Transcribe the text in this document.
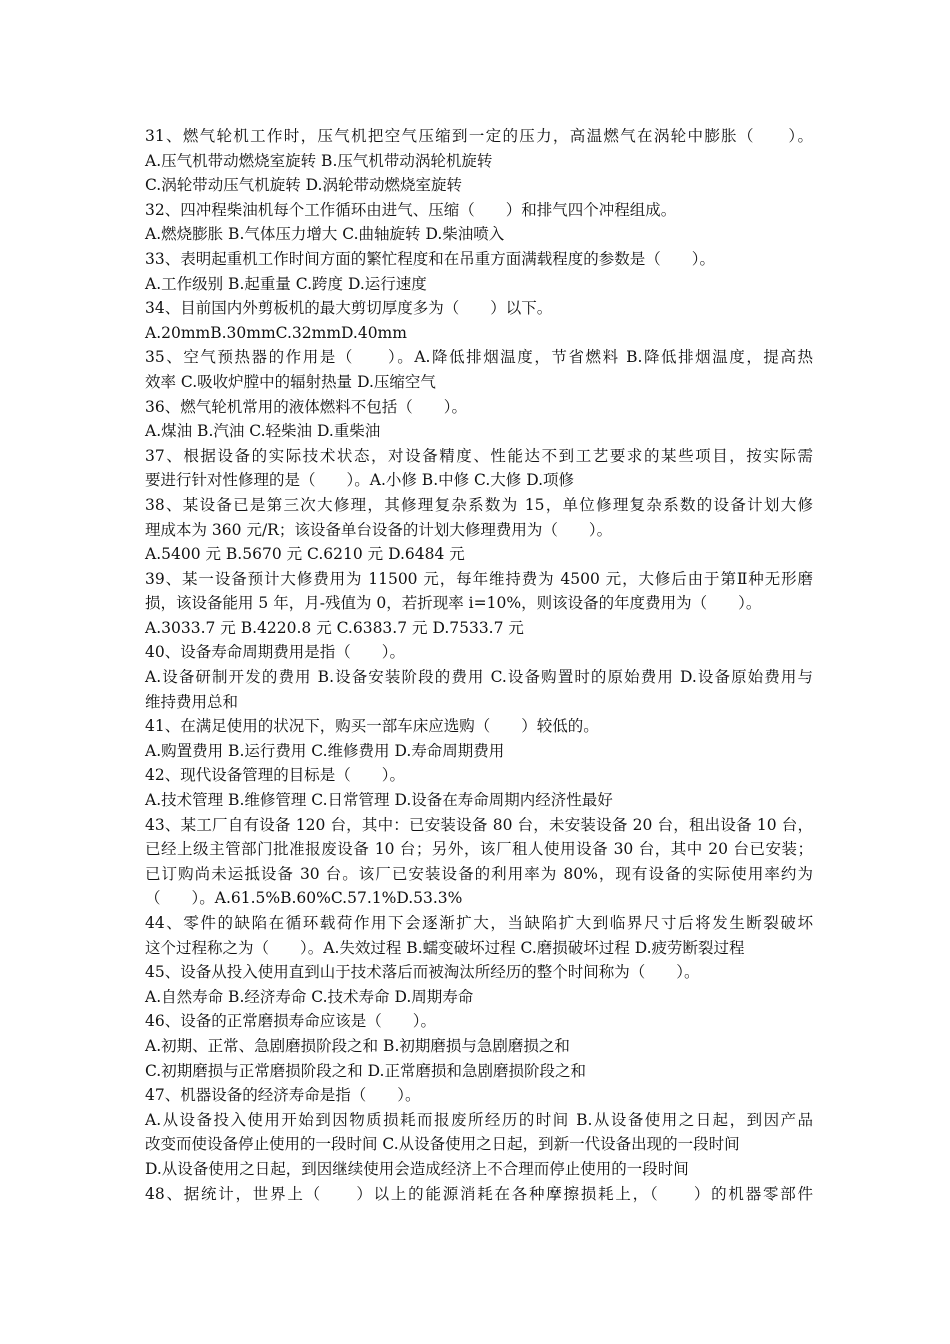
31、燃气轮机工作时，压气机把空气压缩到一定的压力，高温燃气在涡轮中膨胀（　　）。
A.压气机带动燃烧室旋转 B.压气机带动涡轮机旋转
C.涡轮带动压气机旋转 D.涡轮带动燃烧室旋转
32、四冲程柴油机每个工作循环由进气、压缩（　　）和排气四个冲程组成。
A.燃烧膨胀 B.气体压力增大 C.曲轴旋转 D.柴油喷入
33、表明起重机工作时间方面的繁忙程度和在吊重方面满载程度的参数是（　　）。
A.工作级别 B.起重量 C.跨度 D.运行速度
34、目前国内外剪板机的最大剪切厚度多为（　　）以下。
A.20mmB.30mmC.32mmD.40mm
35、空气预热器的作用是（　　）。A.降低排烟温度，节省燃料 B.降低排烟温度，提高热
效率 C.吸收炉膛中的辐射热量 D.压缩空气
36、燃气轮机常用的液体燃料不包括（　　）。
A.煤油 B.汽油 C.轻柴油 D.重柴油
37、根据设备的实际技术状态，对设备精度、性能达不到工艺要求的某些项目，按实际需
要进行针对性修理的是（　　）。A.小修 B.中修 C.大修 D.项修
38、某设备已是第三次大修理，其修理复杂系数为 15，单位修理复杂系数的设备计划大修
理成本为 360 元/R；该设备单台设备的计划大修理费用为（　　）。
A.5400 元 B.5670 元 C.6210 元 D.6484 元
39、某一设备预计大修费用为 11500 元，每年维持费为 4500 元，大修后由于第Ⅱ种无形磨
损，该设备能用 5 年，月-残值为 0，若折现率 i=10%，则该设备的年度费用为（　　）。
A.3033.7 元 B.4220.8 元 C.6383.7 元 D.7533.7 元
40、设备寿命周期费用是指（　　）。
A.设备研制开发的费用 B.设备安装阶段的费用 C.设备购置时的原始费用 D.设备原始费用与
维持费用总和
41、在满足使用的状况下，购买一部车床应选购（　　）较低的。
A.购置费用 B.运行费用 C.维修费用 D.寿命周期费用
42、现代设备管理的目标是（　　）。
A.技术管理 B.维修管理 C.日常管理 D.设备在寿命周期内经济性最好
43、某工厂自有设备 120 台，其中：已安装设备 80 台，未安装设备 20 台，租出设备 10 台，
已经上级主管部门批准报废设备 10 台；另外，该厂租人使用设备 30 台，其中 20 台已安装；
已订购尚未运抵设备 30 台。该厂已安装设备的利用率为 80%，现有设备的实际使用率约为
（　　）。A.61.5%B.60%C.57.1%D.53.3%
44、零件的缺陷在循环载荷作用下会逐渐扩大，当缺陷扩大到临界尺寸后将发生断裂破坏
这个过程称之为（　　）。A.失效过程 B.蠕变破坏过程 C.磨损破坏过程 D.疲劳断裂过程
45、设备从投入使用直到山于技术落后而被淘汰所经历的整个时间称为（　　）。
A.自然寿命 B.经济寿命 C.技术寿命 D.周期寿命
46、设备的正常磨损寿命应该是（　　）。
A.初期、正常、急剧磨损阶段之和 B.初期磨损与急剧磨损之和
C.初期磨损与正常磨损阶段之和 D.正常磨损和急剧磨损阶段之和
47、机器设备的经济寿命是指（　　）。
A.从设备投入使用开始到因物质损耗而报废所经历的时间 B.从设备使用之日起，到因产品
改变而使设备停止使用的一段时间 C.从设备使用之日起，到新一代设备出现的一段时间
D.从设备使用之日起，到因继续使用会造成经济上不合理而停止使用的一段时间
48、据统计，世界上（　　）以上的能源消耗在各种摩擦损耗上，（　　）的机器零部件
